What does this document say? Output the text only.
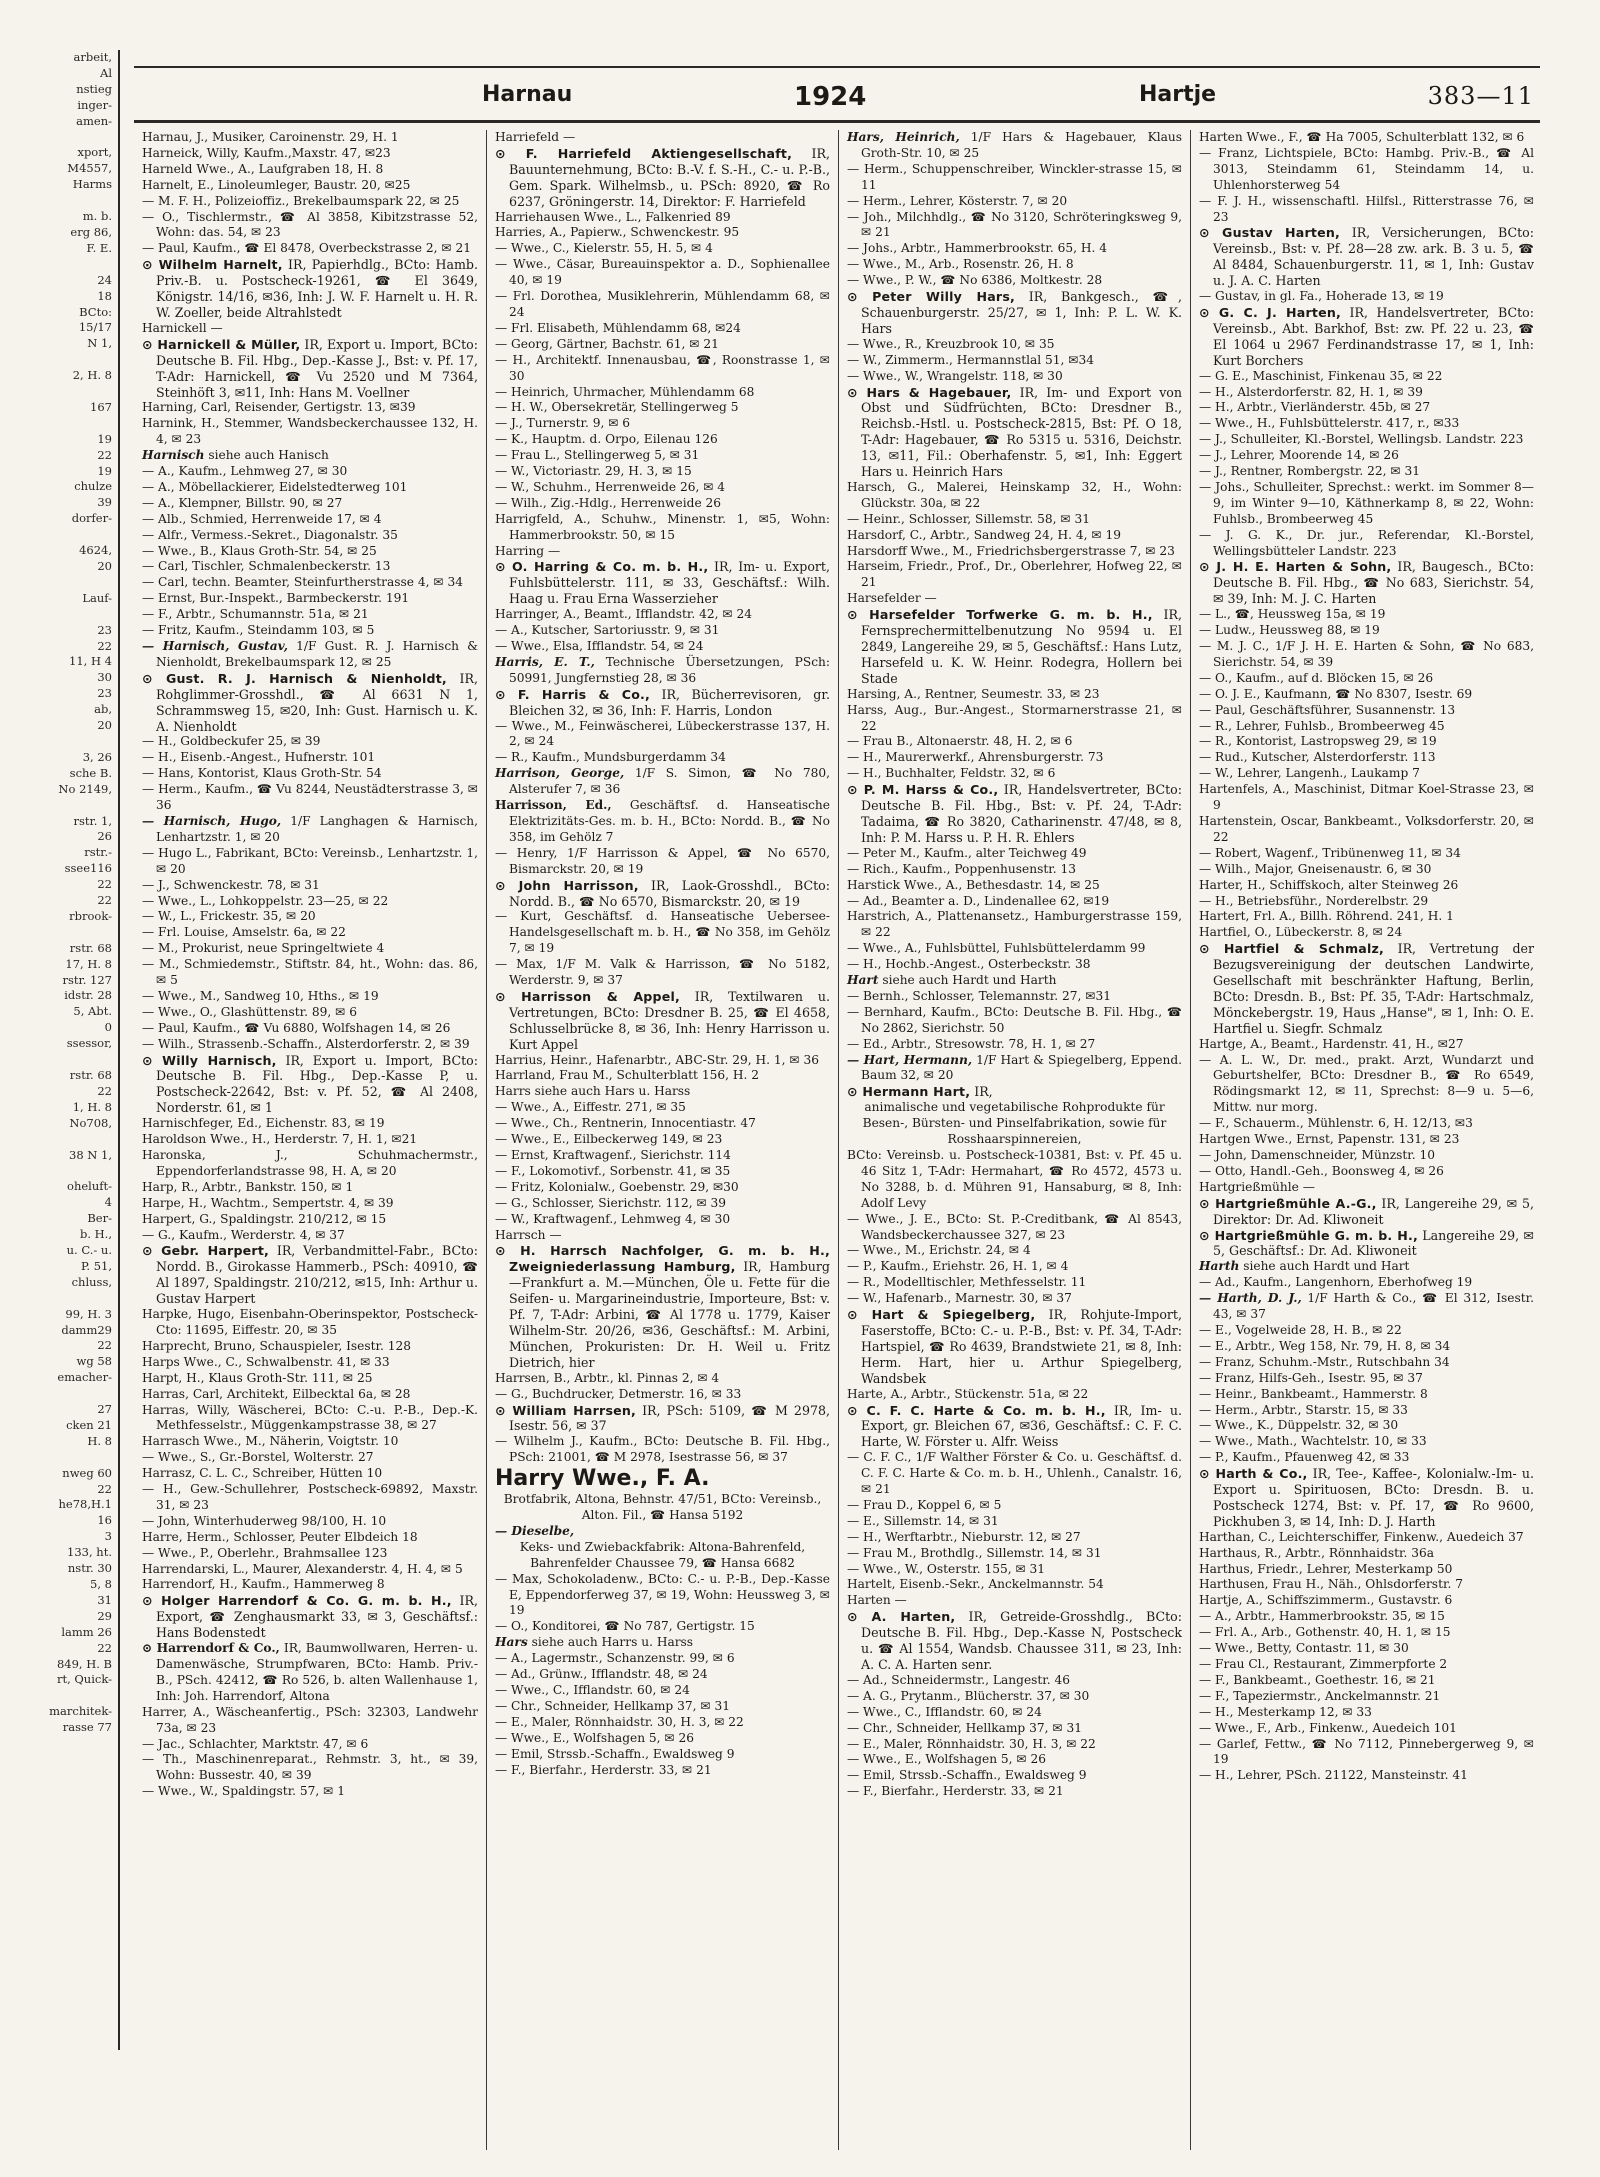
arbeit,
Al
nstieg
inger-
amen-

xport,
M4557,
Harms

m. b.
erg 86,
F. E.

24
18
BCto:
15/17
N 1,

2, H. 8

167

19
22
19
chulze
39
dorfer-

4624,
20

Lauf-

23
22
11, H 4
30
23
ab,
20

3, 26
sche B.
No 2149,

rstr. 1,
26
rstr.-
ssee116
22
22
rbrook-

rstr. 68
17, H. 8
rstr. 127
idstr. 28
5, Abt.
0
ssessor,

rstr. 68
22
1, H. 8
No708,

38 N 1,

oheluft-
4
Ber-
b. H.,
u. C.- u.
P. 51,
chluss,

99, H. 3
damm29
22
wg 58
emacher-

27
cken 21
H. 8

nweg 60
22
he78,H.1
16
3
133, ht.
nstr. 30
5, 8
31
29
lamm 26
22
849, H. B
rt, Quick-

marchitek-
rasse 77
Harnau	1924	Hartje	383—11

Harnau, J., Musiker, Caroinenstr. 29, H. 1

Harneick, Willy, Kaufm.,Maxstr. 47, ✉23

Harneld Wwe., A., Laufgraben 18, H. 8

Harnelt, E., Linoleumleger, Baustr. 20, ✉25

— M. F. H., Polizeioffiz., Brekelbaumspark 22, ✉ 25

— O., Tischlermstr., ☎ Al 3858, Kibitzstrasse 52, Wohn: das. 54, ✉ 23

— Paul, Kaufm., ☎ El 8478, Overbeckstrasse 2, ✉ 21

⊙ Wilhelm Harnelt, IR, Papierhdlg., BCto: Hamb. Priv.-B. u. Postscheck-19261, ☎ El 3649, Königstr. 14/16, ✉36, Inh: J. W. F. Harnelt u. H. R. W. Zoeller, beide Altrahlstedt

Harnickell —

⊙ Harnickell & Müller, IR, Export u. Import, BCto: Deutsche B. Fil. Hbg., Dep.-Kasse J., Bst: v. Pf. 17, T-Adr: Harnickell, ☎ Vu 2520 und M 7364, Steinhöft 3, ✉11, Inh: Hans M. Voellner

Harning, Carl, Reisender, Gertigstr. 13, ✉39

Harnink, H., Stemmer, Wandsbeckerchaussee 132, H. 4, ✉ 23

Harnisch siehe auch Hanisch

— A., Kaufm., Lehmweg 27, ✉ 30

— A., Möbellackierer, Eidelstedterweg 101

— A., Klempner, Billstr. 90, ✉ 27

— Alb., Schmied, Herrenweide 17, ✉ 4

— Alfr., Vermess.-Sekret., Diagonalstr. 35

— Wwe., B., Klaus Groth-Str. 54, ✉ 25

— Carl, Tischler, Schmalenbeckerstr. 13

— Carl, techn. Beamter, Steinfurtherstrasse 4, ✉ 34

— Ernst, Bur.-Inspekt., Barmbeckerstr. 191

— F., Arbtr., Schumannstr. 51a, ✉ 21

— Fritz, Kaufm., Steindamm 103, ✉ 5

— Harnisch, Gustav, 1/F Gust. R. J. Harnisch & Nienholdt, Brekelbaumspark 12, ✉ 25

⊙ Gust. R. J. Harnisch & Nienholdt, IR, Rohglimmer-Grosshdl., ☎ Al 6631 N 1, Schrammsweg 15, ✉20, Inh: Gust. Harnisch u. K. A. Nienholdt

— H., Goldbeckufer 25, ✉ 39

— H., Eisenb.-Angest., Hufnerstr. 101

— Hans, Kontorist, Klaus Groth-Str. 54

— Herm., Kaufm., ☎ Vu 8244, Neustädterstrasse 3, ✉ 36

— Harnisch, Hugo, 1/F Langhagen & Harnisch, Lenhartzstr. 1, ✉ 20

— Hugo L., Fabrikant, BCto: Vereinsb., Lenhartzstr. 1, ✉ 20

— J., Schwenckestr. 78, ✉ 31

— Wwe., L., Lohkoppelstr. 23—25, ✉ 22

— W., L., Frickestr. 35, ✉ 20

— Frl. Louise, Amselstr. 6a, ✉ 22

— M., Prokurist, neue Springeltwiete 4

— M., Schmiedemstr., Stiftstr. 84, ht., Wohn: das. 86, ✉ 5

— Wwe., M., Sandweg 10, Hths., ✉ 19

— Wwe., O., Glashüttenstr. 89, ✉ 6

— Paul, Kaufm., ☎ Vu 6880, Wolfshagen 14, ✉ 26

— Wilh., Strassenb.-Schaffn., Alsterdorferstr. 2, ✉ 39

⊙ Willy Harnisch, IR, Export u. Import, BCto: Deutsche B. Fil. Hbg., Dep.-Kasse P, u. Postscheck-22642, Bst: v. Pf. 52, ☎ Al 2408, Norderstr. 61, ✉ 1

Harnischfeger, Ed., Eichenstr. 83, ✉ 19

Haroldson Wwe., H., Herderstr. 7, H. 1, ✉21

Haronska, J., Schuhmachermstr., Eppendorferlandstrasse 98, H. A, ✉ 20

Harp, R., Arbtr., Bankstr. 150, ✉ 1

Harpe, H., Wachtm., Sempertstr. 4, ✉ 39

Harpert, G., Spaldingstr. 210/212, ✉ 15

— G., Kaufm., Werderstr. 4, ✉ 37

⊙ Gebr. Harpert, IR, Verbandmittel-Fabr., BCto: Nordd. B., Girokasse Hammerb., PSch: 40910, ☎ Al 1897, Spaldingstr. 210/212, ✉15, Inh: Arthur u. Gustav Harpert

Harpke, Hugo, Eisenbahn-Oberinspektor, Postscheck-Cto: 11695, Eiffestr. 20, ✉ 35

Harprecht, Bruno, Schauspieler, Isestr. 128

Harps Wwe., C., Schwalbenstr. 41, ✉ 33

Harpt, H., Klaus Groth-Str. 111, ✉ 25

Harras, Carl, Architekt, Eilbecktal 6a, ✉ 28

Harras, Willy, Wäscherei, BCto: C.-u. P.-B., Dep.-K. Methfesselstr., Müggenkampstrasse 38, ✉ 27

Harrasch Wwe., M., Näherin, Voigtstr. 10

— Wwe., S., Gr.-Borstel, Wolterstr. 27

Harrasz, C. L. C., Schreiber, Hütten 10

— H., Gew.-Schullehrer, Postscheck-69892, Maxstr. 31, ✉ 23

— John, Winterhuderweg 98/100, H. 10

Harre, Herm., Schlosser, Peuter Elbdeich 18

— Wwe., P., Oberlehr., Brahmsallee 123

Harrendarski, L., Maurer, Alexanderstr. 4, H. 4, ✉ 5

Harrendorf, H., Kaufm., Hammerweg 8

⊙ Holger Harrendorf & Co. G. m. b. H., IR, Export, ☎ Zenghausmarkt 33, ✉ 3, Geschäftsf.: Hans Bodenstedt

⊙ Harrendorf & Co., IR, Baumwollwaren, Herren- u. Damenwäsche, Strumpfwaren, BCto: Hamb. Priv.-B., PSch. 42412, ☎ Ro 526, b. alten Wallenhause 1, Inh: Joh. Harrendorf, Altona

Harrer, A., Wäscheanfertig., PSch: 32303, Landwehr 73a, ✉ 23

— Jac., Schlachter, Marktstr. 47, ✉ 6

— Th., Maschinenreparat., Rehmstr. 3, ht., ✉ 39, Wohn: Bussestr. 40, ✉ 39

— Wwe., W., Spaldingstr. 57, ✉ 1

Harriefeld —

⊙ F. Harriefeld Aktiengesellschaft, IR, Bauunternehmung, BCto: B.-V. f. S.-H., C.- u. P.-B., Gem. Spark. Wilhelmsb., u. PSch: 8920, ☎ Ro 6237, Gröningerstr. 14, Direktor: F. Harriefeld

Harriehausen Wwe., L., Falkenried 89

Harries, A., Papierw., Schwenckestr. 95

— Wwe., C., Kielerstr. 55, H. 5, ✉ 4

— Wwe., Cäsar, Bureauinspektor a. D., Sophienallee 40, ✉ 19

— Frl. Dorothea, Musiklehrerin, Mühlendamm 68, ✉ 24

— Frl. Elisabeth, Mühlendamm 68, ✉24

— Georg, Gärtner, Bachstr. 61, ✉ 21

— H., Architektf. Innenausbau, ☎, Roonstrasse 1, ✉ 30

— Heinrich, Uhrmacher, Mühlendamm 68

— H. W., Obersekretär, Stellingerweg 5

— J., Turnerstr. 9, ✉ 6

— K., Hauptm. d. Orpo, Eilenau 126

— Frau L., Stellingerweg 5, ✉ 31

— W., Victoriastr. 29, H. 3, ✉ 15

— W., Schuhm., Herrenweide 26, ✉ 4

— Wilh., Zig.-Hdlg., Herrenweide 26

Harrigfeld, A., Schuhw., Minenstr. 1, ✉5, Wohn: Hammerbrookstr. 50, ✉ 15

Harring —

⊙ O. Harring & Co. m. b. H., IR, Im- u. Export, Fuhlsbüttelerstr. 111, ✉ 33, Geschäftsf.: Wilh. Haag u. Frau Erna Wasserzieher

Harringer, A., Beamt., Ifflandstr. 42, ✉ 24

— A., Kutscher, Sartoriusstr. 9, ✉ 31

— Wwe., Elsa, Ifflandstr. 54, ✉ 24

Harris, E. T., Technische Übersetzungen, PSch: 50991, Jungfernstieg 28, ✉ 36

⊙ F. Harris & Co., IR, Bücherrevisoren, gr. Bleichen 32, ✉ 36, Inh: F. Harris, London

— Wwe., M., Feinwäscherei, Lübeckerstrasse 137, H. 2, ✉ 24

— R., Kaufm., Mundsburgerdamm 34

Harrison, George, 1/F S. Simon, ☎ No 780, Alsterufer 7, ✉ 36

Harrisson, Ed., Geschäftsf. d. Hanseatische Elektrizitäts-Ges. m. b. H., BCto: Nordd. B., ☎ No 358, im Gehölz 7

— Henry, 1/F Harrisson & Appel, ☎ No 6570, Bismarckstr. 20, ✉ 19

⊙ John Harrisson, IR, Laok-Grosshdl., BCto: Nordd. B., ☎ No 6570, Bismarckstr. 20, ✉ 19

— Kurt, Geschäftsf. d. Hanseatische Uebersee-Handelsgesellschaft m. b. H., ☎ No 358, im Gehölz 7, ✉ 19

— Max, 1/F M. Valk & Harrisson, ☎ No 5182, Werderstr. 9, ✉ 37

⊙ Harrisson & Appel, IR, Textilwaren u. Vertretungen, BCto: Dresdner B. 25, ☎ El 4658, Schlusselbrücke 8, ✉ 36, Inh: Henry Harrisson u. Kurt Appel

Harrius, Heinr., Hafenarbtr., ABC-Str. 29, H. 1, ✉ 36

Harrland, Frau M., Schulterblatt 156, H. 2

Harrs siehe auch Hars u. Harss

— Wwe., A., Eiffestr. 271, ✉ 35

— Wwe., Ch., Rentnerin, Innocentiastr. 47

— Wwe., E., Eilbeckerweg 149, ✉ 23

— Ernst, Kraftwagenf., Sierichstr. 114

— F., Lokomotivf., Sorbenstr. 41, ✉ 35

— Fritz, Kolonialw., Goebenstr. 29, ✉30

— G., Schlosser, Sierichstr. 112, ✉ 39

— W., Kraftwagenf., Lehmweg 4, ✉ 30

Harrsch —

⊙ H. Harrsch Nachfolger, G. m. b. H., Zweigniederlassung Hamburg, IR, Hamburg—Frankfurt a. M.—München, Öle u. Fette für die Seifen- u. Margarineindustrie, Importeure, Bst: v. Pf. 7, T-Adr: Arbini, ☎ Al 1778 u. 1779, Kaiser Wilhelm-Str. 20/26, ✉36, Geschäftsf.: M. Arbini, München, Prokuristen: Dr. H. Weil u. Fritz Dietrich, hier

Harrsen, B., Arbtr., kl. Pinnas 2, ✉ 4

— G., Buchdrucker, Detmerstr. 16, ✉ 33

⊙ William Harrsen, IR, PSch: 5109, ☎ M 2978, Isestr. 56, ✉ 37

— Wilhelm J., Kaufm., BCto: Deutsche B. Fil. Hbg., PSch: 21001, ☎ M 2978, Isestrasse 56, ✉ 37

Harry Wwe., F. A.

Brotfabrik, Altona, Behnstr. 47/51, BCto: Vereinsb., Alton. Fil., ☎ Hansa 5192

— Dieselbe,

Keks- und Zwiebackfabrik: Altona-Bahrenfeld, Bahrenfelder Chaussee 79, ☎ Hansa 6682

— Max, Schokoladenw., BCto: C.- u. P.-B., Dep.-Kasse E, Eppendorferweg 37, ✉ 19, Wohn: Heussweg 3, ✉ 19

— O., Konditorei, ☎ No 787, Gertigstr. 15

Hars siehe auch Harrs u. Harss

— A., Lagermstr., Schanzenstr. 99, ✉ 6

— Ad., Grünw., Ifflandstr. 48, ✉ 24

— Wwe., C., Ifflandstr. 60, ✉ 24

— Chr., Schneider, Hellkamp 37, ✉ 31

— E., Maler, Rönnhaidstr. 30, H. 3, ✉ 22

— Wwe., E., Wolfshagen 5, ✉ 26

— Emil, Strssb.-Schaffn., Ewaldsweg 9

— F., Bierfahr., Herderstr. 33, ✉ 21

Hars, Heinrich, 1/F Hars & Hagebauer, Klaus Groth-Str. 10, ✉ 25

— Herm., Schuppenschreiber, Winckler-strasse 15, ✉ 11

— Herm., Lehrer, Kösterstr. 7, ✉ 20

— Joh., Milchhdlg., ☎ No 3120, Schröteringksweg 9, ✉ 21

— Johs., Arbtr., Hammerbrookstr. 65, H. 4

— Wwe., M., Arb., Rosenstr. 26, H. 8

— Wwe., P. W., ☎ No 6386, Moltkestr. 28

⊙ Peter Willy Hars, IR, Bankgesch., ☎, Schauenburgerstr. 25/27, ✉ 1, Inh: P. L. W. K. Hars

— Wwe., R., Kreuzbrook 10, ✉ 35

— W., Zimmerm., Hermannstlal 51, ✉34

— Wwe., W., Wrangelstr. 118, ✉ 30

⊙ Hars & Hagebauer, IR, Im- und Export von Obst und Südfrüchten, BCto: Dresdner B., Reichsb.-Hstl. u. Postscheck-2815, Bst: Pf. O 18, T-Adr: Hagebauer, ☎ Ro 5315 u. 5316, Deichstr. 13, ✉11, Fil.: Oberhafenstr. 5, ✉1, Inh: Eggert Hars u. Heinrich Hars

Harsch, G., Malerei, Heinskamp 32, H., Wohn: Glückstr. 30a, ✉ 22

— Heinr., Schlosser, Sillemstr. 58, ✉ 31

Harsdorf, C., Arbtr., Sandweg 24, H. 4, ✉ 19

Harsdorff Wwe., M., Friedrichsbergerstrasse 7, ✉ 23

Harseim, Friedr., Prof., Dr., Oberlehrer, Hofweg 22, ✉ 21

Harsefelder —

⊙ Harsefelder Torfwerke G. m. b. H., IR, Fernsprechermittelbenutzung No 9594 u. El 2849, Langereihe 29, ✉ 5, Geschäftsf.: Hans Lutz, Harsefeld u. K. W. Heinr. Rodegra, Hollern bei Stade

Harsing, A., Rentner, Seumestr. 33, ✉ 23

Harss, Aug., Bur.-Angest., Stormarnerstrasse 21, ✉ 22

— Frau B., Altonaerstr. 48, H. 2, ✉ 6

— H., Maurerwerkf., Ahrensburgerstr. 73

— H., Buchhalter, Feldstr. 32, ✉ 6

⊙ P. M. Harss & Co., IR, Handelsvertreter, BCto: Deutsche B. Fil. Hbg., Bst: v. Pf. 24, T-Adr: Tadaima, ☎ Ro 3820, Catharinenstr. 47/48, ✉ 8, Inh: P. M. Harss u. P. H. R. Ehlers

— Peter M., Kaufm., alter Teichweg 49

— Rich., Kaufm., Poppenhusenstr. 13

Harstick Wwe., A., Bethesdastr. 14, ✉ 25

— Ad., Beamter a. D., Lindenallee 62, ✉19

Harstrich, A., Plattenansetz., Hamburgerstrasse 159, ✉ 22

— Wwe., A., Fuhlsbüttel, Fuhlsbüttelerdamm 99

— H., Hochb.-Angest., Osterbeckstr. 38

Hart siehe auch Hardt und Harth

— Bernh., Schlosser, Telemannstr. 27, ✉31

— Bernhard, Kaufm., BCto: Deutsche B. Fil. Hbg., ☎ No 2862, Sierichstr. 50

— Ed., Arbtr., Stresowstr. 78, H. 1, ✉ 27

— Hart, Hermann, 1/F Hart & Spiegelberg, Eppend. Baum 32, ✉ 20

⊙ Hermann Hart, IR,

animalische und vegetabilische Rohprodukte für Besen-, Bürsten- und Pinselfabrikation, sowie für Rosshaarspinnereien,

BCto: Vereinsb. u. Postscheck-10381, Bst: v. Pf. 45 u. 46 Sitz 1, T-Adr: Hermahart, ☎ Ro 4572, 4573 u. No 3288, b. d. Mühren 91, Hansaburg, ✉ 8, Inh: Adolf Levy

— Wwe., J. E., BCto: St. P.-Creditbank, ☎ Al 8543, Wandsbeckerchaussee 327, ✉ 23

— Wwe., M., Erichstr. 24, ✉ 4

— P., Kaufm., Eriehstr. 26, H. 1, ✉ 4

— R., Modelltischler, Methfesselstr. 11

— W., Hafenarb., Marnestr. 30, ✉ 37

⊙ Hart & Spiegelberg, IR, Rohjute-Import, Faserstoffe, BCto: C.- u. P.-B., Bst: v. Pf. 34, T-Adr: Hartspiel, ☎ Ro 4639, Brandstwiete 21, ✉ 8, Inh: Herm. Hart, hier u. Arthur Spiegelberg, Wandsbek

Harte, A., Arbtr., Stückenstr. 51a, ✉ 22

⊙ C. F. C. Harte & Co. m. b. H., IR, Im- u. Export, gr. Bleichen 67, ✉36, Geschäftsf.: C. F. C. Harte, W. Förster u. Alfr. Weiss

— C. F. C., 1/F Walther Förster & Co. u. Geschäftsf. d. C. F. C. Harte & Co. m. b. H., Uhlenh., Canalstr. 16, ✉ 21

— Frau D., Koppel 6, ✉ 5

— E., Sillemstr. 14, ✉ 31

— H., Werftarbtr., Nieburstr. 12, ✉ 27

— Frau M., Brothdlg., Sillemstr. 14, ✉ 31

— Wwe., W., Osterstr. 155, ✉ 31

Hartelt, Eisenb.-Sekr., Anckelmannstr. 54

Harten —

⊙ A. Harten, IR, Getreide-Grosshdlg., BCto: Deutsche B. Fil. Hbg., Dep.-Kasse N, Postscheck u. ☎ Al 1554, Wandsb. Chaussee 311, ✉ 23, Inh: A. C. A. Harten senr.

— Ad., Schneidermstr., Langestr. 46

— A. G., Prytanm., Blücherstr. 37, ✉ 30

— Wwe., C., Ifflandstr. 60, ✉ 24

— Chr., Schneider, Hellkamp 37, ✉ 31

— E., Maler, Rönnhaidstr. 30, H. 3, ✉ 22

— Wwe., E., Wolfshagen 5, ✉ 26

— Emil, Strssb.-Schaffn., Ewaldsweg 9

— F., Bierfahr., Herderstr. 33, ✉ 21

Harten Wwe., F., ☎ Ha 7005, Schulterblatt 132, ✉ 6

— Franz, Lichtspiele, BCto: Hambg. Priv.-B., ☎ Al 3013, Steindamm 61, Steindamm 14, u. Uhlenhorsterweg 54

— F. J. H., wissenschaftl. Hilfsl., Ritterstrasse 76, ✉ 23

⊙ Gustav Harten, IR, Versicherungen, BCto: Vereinsb., Bst: v. Pf. 28—28 zw. ark. B. 3 u. 5, ☎ Al 8484, Schauenburgerstr. 11, ✉ 1, Inh: Gustav u. J. A. C. Harten

— Gustav, in gl. Fa., Hoherade 13, ✉ 19

⊙ G. C. J. Harten, IR, Handelsvertreter, BCto: Vereinsb., Abt. Barkhof, Bst: zw. Pf. 22 u. 23, ☎ El 1064 u 2967 Ferdinandstrasse 17, ✉ 1, Inh: Kurt Borchers

— G. E., Maschinist, Finkenau 35, ✉ 22

— H., Alsterdorferstr. 82, H. 1, ✉ 39

— H., Arbtr., Vierländerstr. 45b, ✉ 27

— Wwe., H., Fuhlsbüttelerstr. 417, r., ✉33

— J., Schulleiter, Kl.-Borstel, Wellingsb. Landstr. 223

— J., Lehrer, Moorende 14, ✉ 26

— J., Rentner, Rombergstr. 22, ✉ 31

— Johs., Schulleiter, Sprechst.: werkt. im Sommer 8—9, im Winter 9—10, Käthnerkamp 8, ✉ 22, Wohn: Fuhlsb., Brombeerweg 45

— J. G. K., Dr. jur., Referendar, Kl.-Borstel, Wellingsbütteler Landstr. 223

⊙ J. H. E. Harten & Sohn, IR, Baugesch., BCto: Deutsche B. Fil. Hbg., ☎ No 683, Sierichstr. 54, ✉ 39, Inh: M. J. C. Harten

— L., ☎, Heussweg 15a, ✉ 19

— Ludw., Heussweg 88, ✉ 19

— M. J. C., 1/F J. H. E. Harten & Sohn, ☎ No 683, Sierichstr. 54, ✉ 39

— O., Kaufm., auf d. Blöcken 15, ✉ 26

— O. J. E., Kaufmann, ☎ No 8307, Isestr. 69

— Paul, Geschäftsführer, Susannenstr. 13

— R., Lehrer, Fuhlsb., Brombeerweg 45

— R., Kontorist, Lastropsweg 29, ✉ 19

— Rud., Kutscher, Alsterdorferstr. 113

— W., Lehrer, Langenh., Laukamp 7

Hartenfels, A., Maschinist, Ditmar Koel-Strasse 23, ✉ 9

Hartenstein, Oscar, Bankbeamt., Volksdorferstr. 20, ✉ 22

— Robert, Wagenf., Tribünenweg 11, ✉ 34

— Wilh., Major, Gneisenaustr. 6, ✉ 30

Harter, H., Schiffskoch, alter Steinweg 26

— H., Betriebsführ., Norderelbstr. 29

Hartert, Frl. A., Billh. Röhrend. 241, H. 1

Hartfiel, O., Lübeckerstr. 8, ✉ 24

⊙ Hartfiel & Schmalz, IR, Vertretung der Bezugsvereinigung der deutschen Landwirte, Gesellschaft mit beschränkter Haftung, Berlin, BCto: Dresdn. B., Bst: Pf. 35, T-Adr: Hartschmalz, Mönckebergstr. 19, Haus „Hanse", ✉ 1, Inh: O. E. Hartfiel u. Siegfr. Schmalz

Hartge, A., Beamt., Hardenstr. 41, H., ✉27

— A. L. W., Dr. med., prakt. Arzt, Wundarzt und Geburtshelfer, BCto: Dresdner B., ☎ Ro 6549, Rödingsmarkt 12, ✉ 11, Sprechst: 8—9 u. 5—6, Mittw. nur morg.

— F., Schauerm., Mühlenstr. 6, H. 12/13, ✉3

Hartgen Wwe., Ernst, Papenstr. 131, ✉ 23

— John, Damenschneider, Münzstr. 10

— Otto, Handl.-Geh., Boonsweg 4, ✉ 26

Hartgrießmühle —

⊙ Hartgrießmühle A.-G., IR, Langereihe 29, ✉ 5, Direktor: Dr. Ad. Kliwoneit

⊙ Hartgrießmühle G. m. b. H., Langereihe 29, ✉ 5, Geschäftsf.: Dr. Ad. Kliwoneit

Harth siehe auch Hardt und Hart

— Ad., Kaufm., Langenhorn, Eberhofweg 19

— Harth, D. J., 1/F Harth & Co., ☎ El 312, Isestr. 43, ✉ 37

— E., Vogelweide 28, H. B., ✉ 22

— E., Arbtr., Weg 158, Nr. 79, H. 8, ✉ 34

— Franz, Schuhm.-Mstr., Rutschbahn 34

— Franz, Hilfs-Geh., Isestr. 95, ✉ 37

— Heinr., Bankbeamt., Hammerstr. 8

— Herm., Arbtr., Starstr. 15, ✉ 33

— Wwe., K., Düppelstr. 32, ✉ 30

— Wwe., Math., Wachtelstr. 10, ✉ 33

— P., Kaufm., Pfauenweg 42, ✉ 33

⊙ Harth & Co., IR, Tee-, Kaffee-, Kolonialw.-Im- u. Export u. Spirituosen, BCto: Dresdn. B. u. Postscheck 1274, Bst: v. Pf. 17, ☎ Ro 9600, Pickhuben 3, ✉ 14, Inh: D. J. Harth

Harthan, C., Leichterschiffer, Finkenw., Auedeich 37

Harthaus, R., Arbtr., Rönnhaidstr. 36a

Harthus, Friedr., Lehrer, Mesterkamp 50

Harthusen, Frau H., Näh., Ohlsdorferstr. 7

Hartje, A., Schiffszimmerm., Gustavstr. 6

— A., Arbtr., Hammerbrookstr. 35, ✉ 15

— Frl. A., Arb., Gothenstr. 40, H. 1, ✉ 15

— Wwe., Betty, Contastr. 11, ✉ 30

— Frau Cl., Restaurant, Zimmerpforte 2

— F., Bankbeamt., Goethestr. 16, ✉ 21

— F., Tapeziermstr., Anckelmannstr. 21

— H., Mesterkamp 12, ✉ 33

— Wwe., F., Arb., Finkenw., Auedeich 101

— Garlef, Fettw., ☎ No 7112, Pinnebergerweg 9, ✉ 19

— H., Lehrer, PSch. 21122, Mansteinstr. 41
